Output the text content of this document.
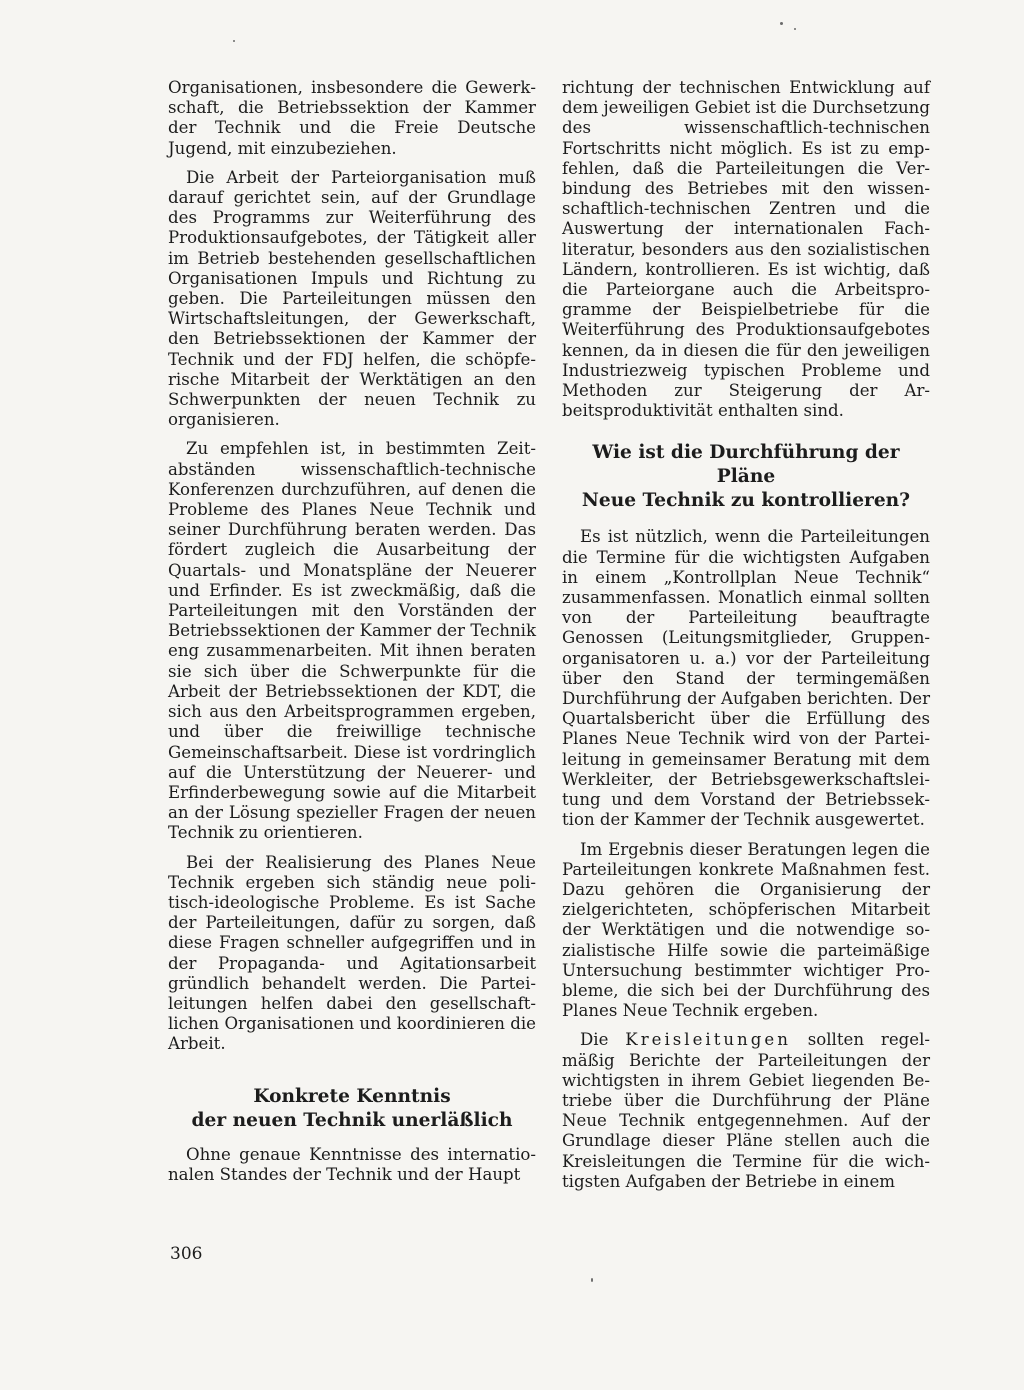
Organisationen, insbesondere die Gewerkschaft, die Betriebssektion der Kammer der Technik und die Freie Deutsche Jugend, mit einzubeziehen.

Die Arbeit der Parteiorganisation muß darauf gerichtet sein, auf der Grundlage des Programms zur Weiterführung des Produktionsaufgebotes, der Tätigkeit aller im Betrieb bestehenden gesellschaftlichen Organisationen Impuls und Richtung zu geben. Die Parteileitungen müssen den Wirtschaftsleitungen, der Gewerkschaft, den Betriebssektionen der Kammer der Technik und der FDJ helfen, die schöpferische Mitarbeit der Werktätigen an den Schwerpunkten der neuen Technik zu organisieren.

Zu empfehlen ist, in bestimmten Zeitabständen wissenschaftlich-technische Konferenzen durchzuführen, auf denen die Probleme des Planes Neue Technik und seiner Durchführung beraten werden. Das fördert zugleich die Ausarbeitung der Quartals- und Monatspläne der Neuerer und Erfinder. Es ist zweckmäßig, daß die Parteileitungen mit den Vorständen der Betriebssektionen der Kammer der Technik eng zusammenarbeiten. Mit ihnen beraten sie sich über die Schwerpunkte für die Arbeit der Betriebssektionen der KDT, die sich aus den Arbeitsprogrammen ergeben, und über die freiwillige technische Gemeinschaftsarbeit. Diese ist vordringlich auf die Unterstützung der Neuerer- und Erfinderbewegung sowie auf die Mitarbeit an der Lösung spezieller Fragen der neuen Technik zu orientieren.

Bei der Realisierung des Planes Neue Technik ergeben sich ständig neue politisch-ideologische Probleme. Es ist Sache der Parteileitungen, dafür zu sorgen, daß diese Fragen schneller aufgegriffen und in der Propaganda- und Agitationsarbeit gründlich behandelt werden. Die Parteileitungen helfen dabei den gesellschaftlichen Organisationen und koordinieren die Arbeit.

Konkrete Kenntnis
der neuen Technik unerläßlich

Ohne genaue Kenntnisse des internationalen Standes der Technik und der Haupt

richtung der technischen Entwicklung auf dem jeweiligen Gebiet ist die Durchsetzung des wissenschaftlich-technischen Fortschritts nicht möglich. Es ist zu empfehlen, daß die Parteileitungen die Verbindung des Betriebes mit den wissenschaftlich-technischen Zentren und die Auswertung der internationalen Fachliteratur, besonders aus den sozialistischen Ländern, kontrollieren. Es ist wichtig, daß die Parteiorgane auch die Arbeitsprogramme der Beispielbetriebe für die Weiterführung des Produktionsaufgebotes kennen, da in diesen die für den jeweiligen Industriezweig typischen Probleme und Methoden zur Steigerung der Arbeitsproduktivität enthalten sind.

Wie ist die Durchführung der Pläne
Neue Technik zu kontrollieren?

Es ist nützlich, wenn die Parteileitungen die Termine für die wichtigsten Aufgaben in einem „Kontrollplan Neue Technik“ zusammenfassen. Monatlich einmal sollten von der Parteileitung beauftragte Genossen (Leitungsmitglieder, Gruppenorganisatoren u. a.) vor der Parteileitung über den Stand der termingemäßen Durchführung der Aufgaben berichten. Der Quartalsbericht über die Erfüllung des Planes Neue Technik wird von der Parteileitung in gemeinsamer Beratung mit dem Werkleiter, der Betriebsgewerkschaftsleitung und dem Vorstand der Betriebssektion der Kammer der Technik ausgewertet.

Im Ergebnis dieser Beratungen legen die Parteileitungen konkrete Maßnahmen fest. Dazu gehören die Organisierung der zielgerichteten, schöpferischen Mitarbeit der Werktätigen und die notwendige sozialistische Hilfe sowie die parteimäßige Untersuchung bestimmter wichtiger Probleme, die sich bei der Durchführung des Planes Neue Technik ergeben.

Die Kreisleitungen sollten regelmäßig Berichte der Parteileitungen der wichtigsten in ihrem Gebiet liegenden Betriebe über die Durchführung der Pläne Neue Technik entgegennehmen. Auf der Grundlage dieser Pläne stellen auch die Kreisleitungen die Termine für die wichtigsten Aufgaben der Betriebe in einem

306
